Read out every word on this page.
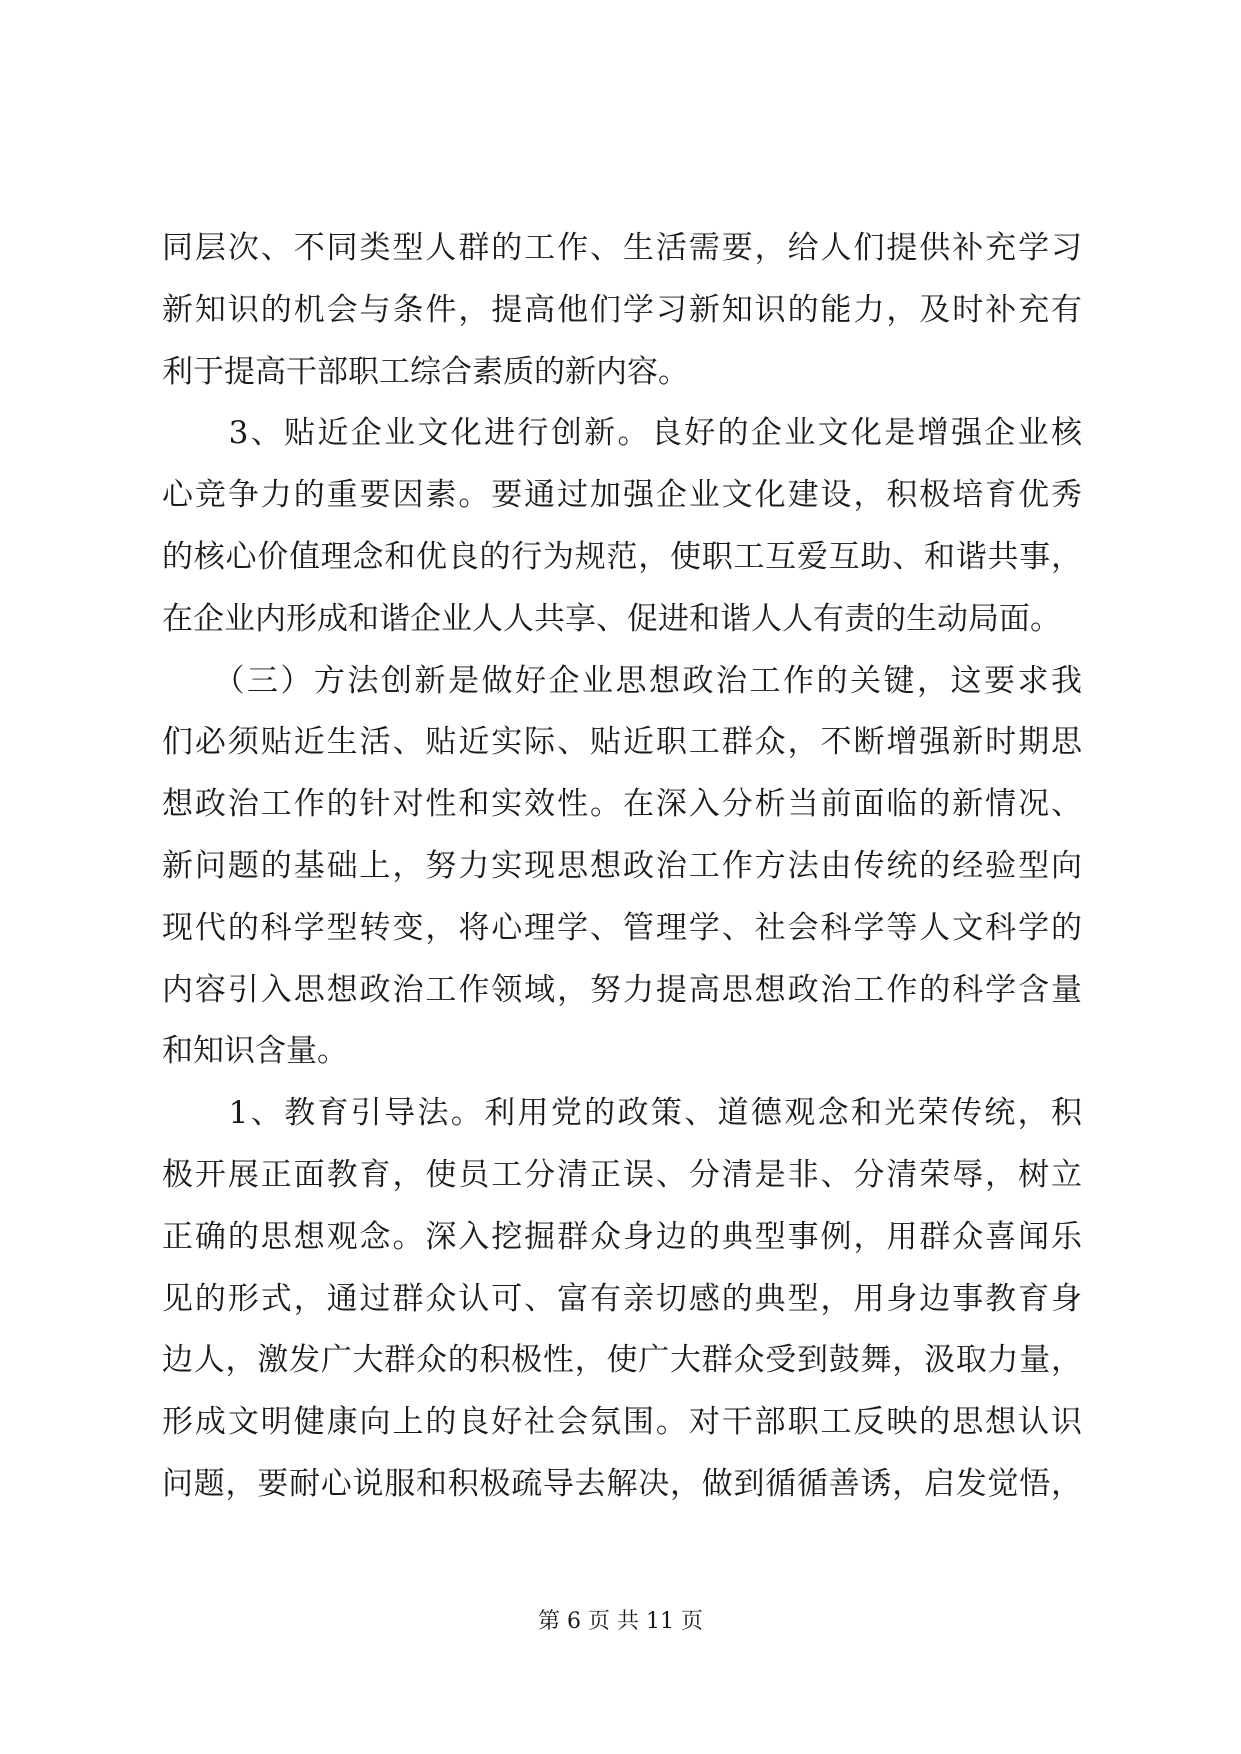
同层次、不同类型人群的工作、生活需要，给人们提供补充学习
新知识的机会与条件，提高他们学习新知识的能力，及时补充有
利于提高干部职工综合素质的新内容。
　　3、贴近企业文化进行创新。良好的企业文化是增强企业核
心竞争力的重要因素。要通过加强企业文化建设，积极培育优秀
的核心价值理念和优良的行为规范，使职工互爱互助、和谐共事，
在企业内形成和谐企业人人共享、促进和谐人人有责的生动局面。
　　（三）方法创新是做好企业思想政治工作的关键，这要求我
们必须贴近生活、贴近实际、贴近职工群众，不断增强新时期思
想政治工作的针对性和实效性。在深入分析当前面临的新情况、
新问题的基础上，努力实现思想政治工作方法由传统的经验型向
现代的科学型转变，将心理学、管理学、社会科学等人文科学的
内容引入思想政治工作领域，努力提高思想政治工作的科学含量
和知识含量。
　　1、教育引导法。利用党的政策、道德观念和光荣传统，积
极开展正面教育，使员工分清正误、分清是非、分清荣辱，树立
正确的思想观念。深入挖掘群众身边的典型事例，用群众喜闻乐
见的形式，通过群众认可、富有亲切感的典型，用身边事教育身
边人，激发广大群众的积极性，使广大群众受到鼓舞，汲取力量，
形成文明健康向上的良好社会氛围。对干部职工反映的思想认识
问题，要耐心说服和积极疏导去解决，做到循循善诱，启发觉悟，
第 6 页 共 11 页
